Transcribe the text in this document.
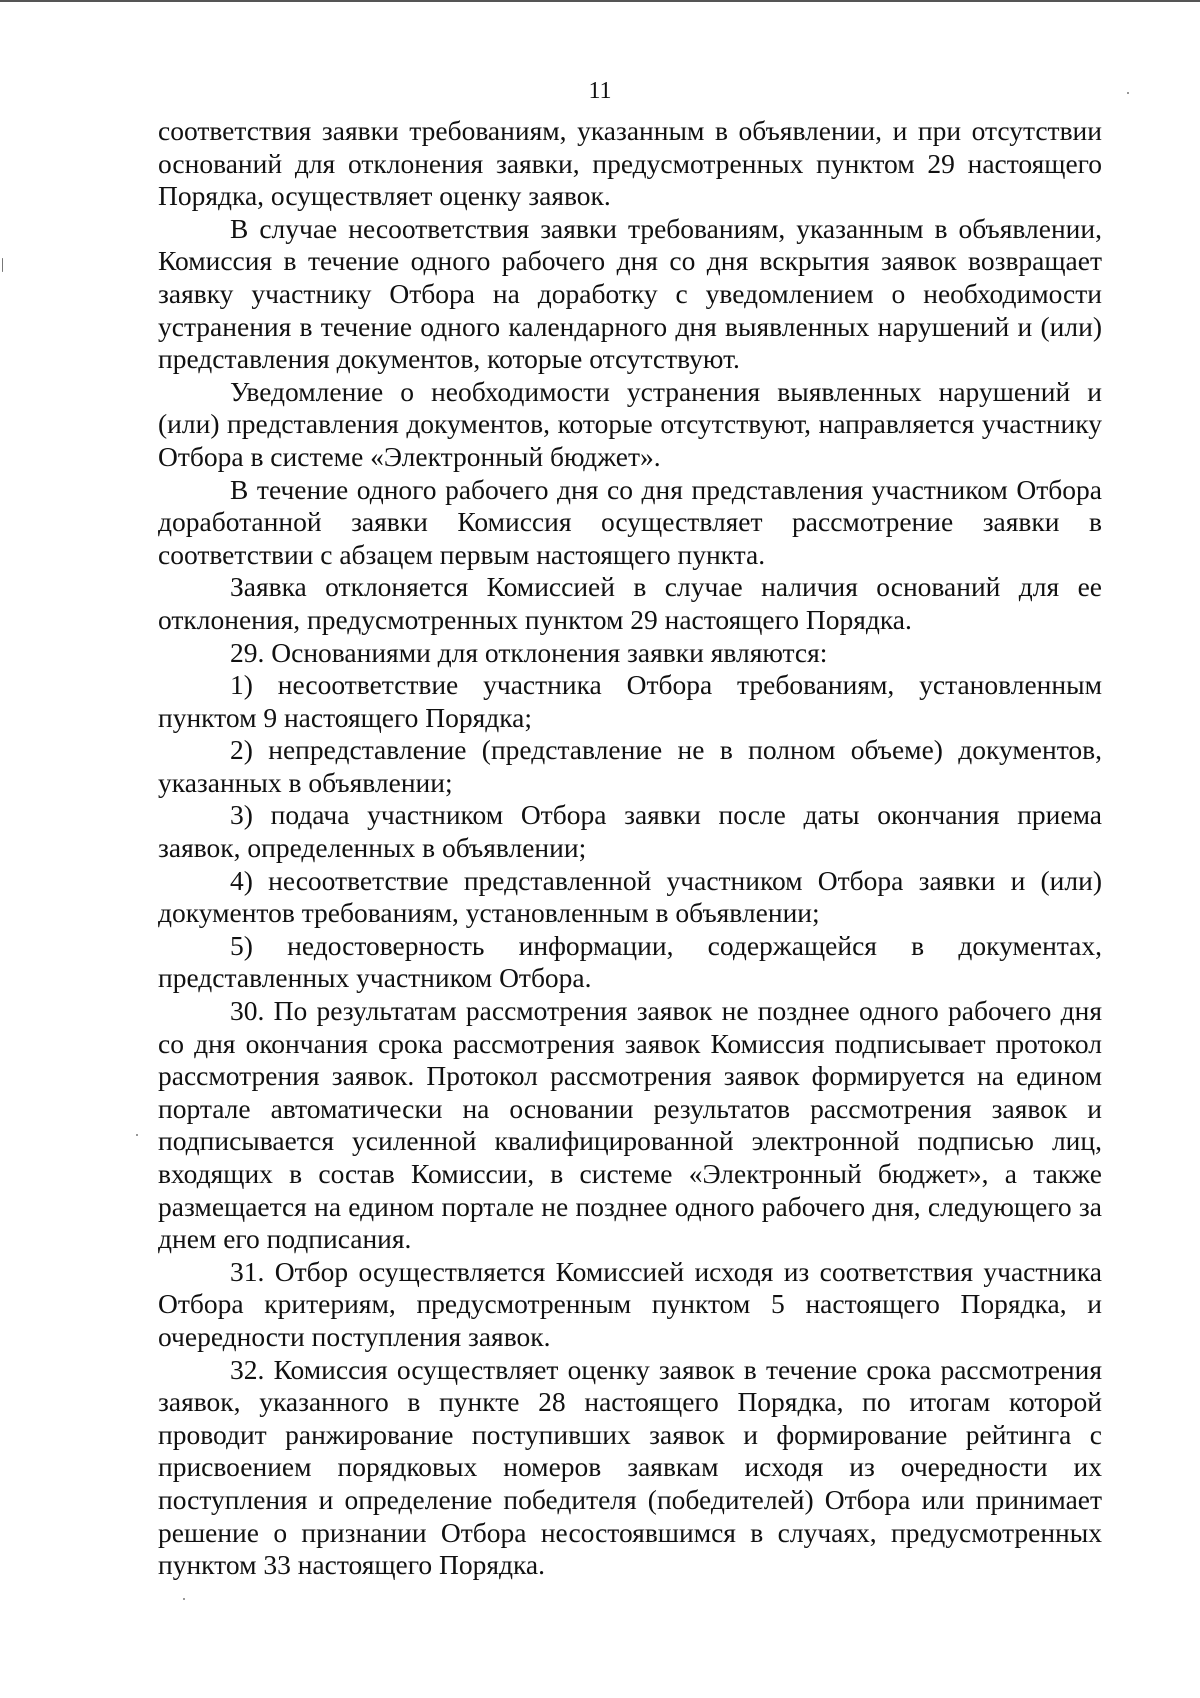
11

соответствия заявки требованиям, указанным в объявлении, и при отсутствии оснований для отклонения заявки, предусмотренных пунктом 29 настоящего Порядка, осуществляет оценку заявок.

В случае несоответствия заявки требованиям, указанным в объявлении, Комиссия в течение одного рабочего дня со дня вскрытия заявок возвращает заявку участнику Отбора на доработку с уведомлением о необходимости устранения в течение одного календарного дня выявленных нарушений и (или) представления документов, которые отсутствуют.

Уведомление о необходимости устранения выявленных нарушений и (или) представления документов, которые отсутствуют, направляется участнику Отбора в системе «Электронный бюджет».

В течение одного рабочего дня со дня представления участником Отбора доработанной заявки Комиссия осуществляет рассмотрение заявки в соответствии с абзацем первым настоящего пункта.

Заявка отклоняется Комиссией в случае наличия оснований для ее отклонения, предусмотренных пунктом 29 настоящего Порядка.

29. Основаниями для отклонения заявки являются:

1) несоответствие участника Отбора требованиям, установленным пунктом 9 настоящего Порядка;

2) непредставление (представление не в полном объеме) документов, указанных в объявлении;

3) подача участником Отбора заявки после даты окончания приема заявок, определенных в объявлении;

4) несоответствие представленной участником Отбора заявки и (или) документов требованиям, установленным в объявлении;

5) недостоверность информации, содержащейся в документах, представленных участником Отбора.

30. По результатам рассмотрения заявок не позднее одного рабочего дня со дня окончания срока рассмотрения заявок Комиссия подписывает протокол рассмотрения заявок. Протокол рассмотрения заявок формируется на едином портале автоматически на основании результатов рассмотрения заявок и подписывается усиленной квалифицированной электронной подписью лиц, входящих в состав Комиссии, в системе «Электронный бюджет», а также размещается на едином портале не позднее одного рабочего дня, следующего за днем его подписания.

31. Отбор осуществляется Комиссией исходя из соответствия участника Отбора критериям, предусмотренным пунктом 5 настоящего Порядка, и очередности поступления заявок.

32. Комиссия осуществляет оценку заявок в течение срока рассмотрения заявок, указанного в пункте 28 настоящего Порядка, по итогам которой проводит ранжирование поступивших заявок и формирование рейтинга с присвоением порядковых номеров заявкам исходя из очередности их поступления и определение победителя (победителей) Отбора или принимает решение о признании Отбора несостоявшимся в случаях, предусмотренных пунктом 33 настоящего Порядка.
